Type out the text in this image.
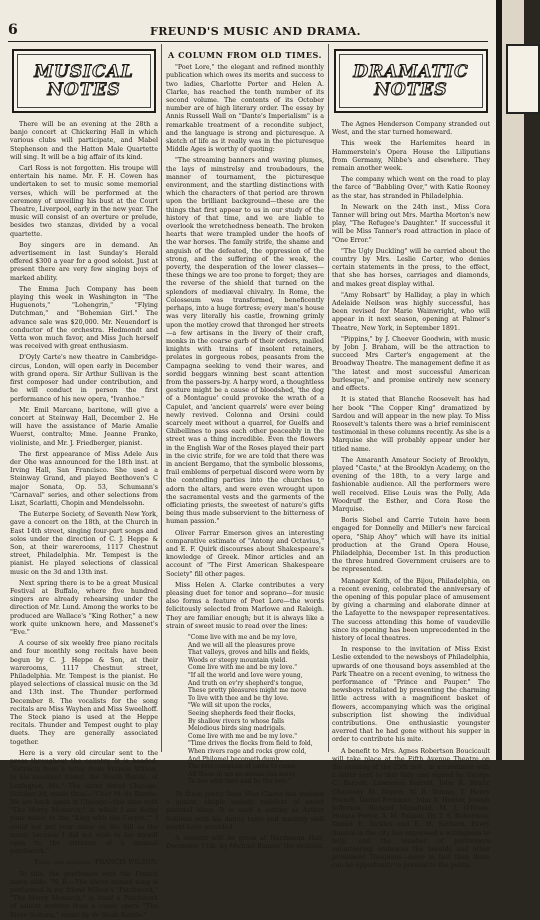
6	FREUND'S MUSIC AND DRAMA.
MUSICAL NOTES

There will be an evening at the 28th a banjo concert at Chickering Hall in which various clubs will participate, and Mabel Stephenson and the Hatton Male Quartette will sing. It will be a big affair of its kind.

Carl Ross is not forgotten. His troupe will entertain his name. Mr. F. H. Cowen has undertaken to set to music some memorial verses, which will be performed at the ceremony of unveiling his bust at the Court Theatre, Liverpool, early in the new year. The music will consist of an overture or prelude, besides two stanzas, divided by a vocal quartette.

Boy singers are in demand. An advertisement in last Sunday's Herald offered $300 a year for a good soloist. Just at present there are very few singing boys of marked ability.

The Emma Juch Company has been playing this week in Washington in "The Huguenots," "Lohengrin," "Flying Dutchman," and "Bohemian Girl." The advance sale was $20,000. Mr. Neuendorf is conductor of the orchestra. Hedmondt and Vetta won much favor, and Miss Juch herself was received with great enthusiasm.

D'Oyly Carte's new theatre in Cambridge-circus, London, will open early in December with grand opera. Sir Arthur Sullivan is the first composer had under contribution, and he will conduct in person the first performance of his new opera, "Ivanhoe."

Mr. Emil Marcano, baritone, will give a concert at Steinway Hall, December 2. He will have the assistance of Marie Amalie Wuerst, contralto; Mme. Jeanne Franko, violiniste, and Mr. J. Friedberger, pianist.

The first appearance of Miss Adele Aus der Ohe was announced for the 18th inst. at Irving Hall, San Francisco. She used a Steinway Grand, and played Beethoven's C major Sonata, Op. 53, Schumann's "Carnaval" series, and other selections from Liszt, Scarlatti, Chopin and Mendelssohn.

The Euterpe Society, of Seventh New York, gave a concert on the 18th, at the Church in East 14th street, singing four-part songs and solos under the direction of C. J. Heppe & Son, at their warerooms, 1117 Chestnut street, Philadelphia. Mr. Tempest is the pianist. He played selections of classical music on the 3d and 13th inst.

Next spring there is to be a great Musical Festival at Buffalo, where five hundred singers are already rehearsing under the direction of Mr. Lund. Among the works to be produced are Wallace's "King Rother," a new work quite unknown here, and Massenet's "Eve."

A course of six weekly free piano recitals and four monthly song recitals have been begun by C. J. Heppe & Son, at their warerooms, 1117 Chestnut street, Philadelphia. Mr. Tempest is the pianist. He played selections of classical music on the 3d and 13th inst. The Thunder performed December 8. The vocalists for the song recitals are Miss Wayhen and Miss Sweelhoff. The Steck piano is used at the Heppe recitals. Thunder and Tempest ought to play duets. They are generally associated together.

Here is a very old circular sent to the press throughout the country. It is headed: "Extracts from a letter from Francis Wilson, to his excellent friend, the South Baride, of Lexington, Me." The letter dated Chicago, October 2d, reads thus:—"Cher M. de Baride: We are back again in Chicago—this time with "The Merry Monarch;" in which I am doing your music to the "King with the Carpet."" I could not put your name on the bill as the music because I did not wish to lay myself open to the criticism of a musical patchwork."

Yours very sincerely, FRANCIS WILSON.

To this, the gentlemen with the French name adds: "N. B.—The above named song is performed in my friend Wilson's "Patchwork," "The Merry Monarch," is itself a Patchwork of salient motives from a comic opera "The Slave Sultana," music by de Souit-Baride."

A COLUMN FROM OLD TIMES.

"Poet Lore," the elegant and refined monthly publication which owes its merits and success to two ladies, Charlotte Porter and Helen A. Clarke, has reached the tenth number of its second volume. The contents of its October number are of high literary order. The essay by Annis Russell Wall on "Dante's Imperialism" is a remarkable treatment of a recondite subject, and the language is strong and picturesque. A sketch of life as it really was in the picturesque Middle Ages is worthy of quoting:

"The streaming banners and waving plumes, the lays of minstrelsy and troubadours, the manner of tournament, the picturesque environment, and the startling distinctions with which the characters of that period are thrown upon the brilliant background—these are the things that first appear to us in our study of the history of that time, and we are liable to overlook the wretchedness beneath. The broken hearts that were trampled under the hoofs of the war horses. The family strife, the shame and anguish of the defeated, the oppression of the strong, and the suffering of the weak, the poverty, the desperation of the lower classes—these things we are too prone to forget; they are the reverse of the shield that turned on the splendors of mediæval chivalry. In Rome, the Colosseum was transformed, beneficently perhaps, into a huge fortress; every man's house was very literally his castle, frowning grimly upon the motley crowd that thronged her streets—a few artisans in the livery of their craft, monks in the coarse garb of their orders, mailed knights with trains of insolent retainers, prelates in gorgeous robes, peasants from the Campagna seeking to vend their wares, and sordid beggars winning best scant attention from the passers-by. A harpy word, a thoughtless gesture might be a cause of bloodshed, 'the dog of a Montague' could provoke the wrath of a Capulet, and 'ancient quarrels' were ever being newly revived. Colonna and Orsini could scarcely meet without a quarrel, for Guelfs and Ghibellines to pass each other peaceably in the street was a thing incredible. Even the flowers in the English War of the Roses played their part in the civic strife, for we are told that there was in ancient Bergamo, that the symbolic blossoms, frail emblems of perpetual discord were worn by the contending parties into the churches to adorn the altars, and were even wrought upon the sacramental vests and the garments of the officiating priests, the sweetest of nature's gifts being thus made subservient to the bitterness of human passion."

Oliver Farrar Emerson gives an interesting comparative estimate of "Antony and Octavius," and E. F. Quirk discourses about Shakespeare's knowledge of Greek. Minor articles and an account of "The First American Shakespeare Society" fill other pages.

Miss Helen A. Clarke contributes a very pleasing duet for tenor and soprano—for music also forms a feature of Poet Lore—the words felicitously selected from Marlowe and Raleigh. They are familiar enough; but it is always like a strain of sweet music to read over the lines:

"Come live with me and be my love,
And we will all the pleasures prove
That valleys, groves and hills and fields,
Woods or steepy mountain yield.
Come live with me and be my love."
"If all the world and love were young,
And truth on ev'ry shepherd's tongue,
These pretty pleasures might me move
To live with thee and be thy love.
"We will sit upon the rocks,
Seeing shepherds feed their flocks,
By shallow rivers to whose falls
Melodious birds sing madrigals.
Come live with me and be my love."
"Time drives the flocks from field to fold,
When rivers rage and rocks grow cold,
And Philomel becometh dumb,
The rest complain of cares to come.
All these in me no means can move,
To live with thee and be thy love."

To these pretty lines Miss Clarke has wedded a quaint, simple melody redolent of sweet pastoral ideas. It is such a setting as Arthur Sullivan with his dainty taste and mastery skill might have provided.

A concert will be given at Hardmann Hall, December 11th, by Michael Banner, the violinist.

DRAMATIC NOTES

The Agnes Henderson Company stranded out West, and the star turned homeward.

This week the Harlemites heard in Hammerstein's Opera House the Liliputians from Germany, Nibbe's and elsewhere. They remain another week.

The company which went on the road to play the farce of "Babbling Over," with Katie Rooney as the star, has stranded in Philadelphia.

In Newark on the 24th inst., Miss Cora Tanner will bring out Mrs. Martha Morton's new play, "The Refugee's Daughter." If successful it will be Miss Tanner's road attraction in place of "One Error."

"The Ugly Duckling" will be carried about the country by Mrs. Leslie Carter, who denies certain statements in the press, to the effect, that she has horses, carriages and diamonds, and makes great display withal.

"Amy Robsart" by Halliday, a play in which Adelaide Neilson was highly successful, has been revised for Marie Wainwright, who will appear in it next season, opening at Palmer's Theatre, New York, in September 1891.

"Pippins," by J. Cheever Goodwin, with music by Jobn J. Braham, will be the attraction to succeed Mrs Carter's engagement at the Broadway Theatre. The management define it as "the latest and most successful American burlesque," and promise entirely new scenery and effects.

It is stated that Blanche Roosevelt has had her book "The Copper King" dramatized by Sardou and will appear in the new play. To Miss Roosevelt's talents there was a brief reminiscent testimonial in these columns recently. As she is a Marquise she will probably appear under her titled name.

The Amaranth Amateur Society of Brooklyn, played "Caste," at the Brooklyn Academy, on the evening of the 18th, to a very large and fashionable audience. All the performers were well received. Elise Louis was the Polly, Ada Woodruff the Esther, and Cora Rose the Marquise.

Boris Siebel and Carrie Tutein have been engaged for Donnelly and Miller's new farcical opera, "Ship Ahoy" which will have its initial production at the Grand Opera House, Philadelphia, December 1st. In this production the three hundred Government cruisers are to be represented.

Manager Keith, of the Bijou, Philadelphia, on a recent evening, celebrated the anniversary of the opening of this popular place of amusement by giving a charming and elaborate dinner at the Lafayette to the newspaper representatives. The success attending this home of vaudeville since its opening has been unprecedented in the history of local theatres.

In response to the invitation of Miss Exist Leslie extended to the newsboys of Philadelphia, upwards of one thousand boys assembled at the Park Theatre on a recent evening, to witness the performance of "Prince and Pauper." The newsboys retaliated by presenting the charming little actress with a magnificent basket of flowers, accompanying which was the original subscription list showing the individual contributions. One enthusiastic youngster averred that he had gone without his supper in order to contribute his mite.

A benefit to Mrs. Agnes Robertson Boucicault will take place at the Fifth Avenue Theatre on the evening of the 25th inst., in accordance with a letter sent to that lady and signed by George C. Barrett, Lawrence Barrett, John R. Brady, Chauncey M. Depew, W. B. Dunne, T. Henry French, Daniel Frohman, John A. Henter, Joseph Jefferson, Richard Mansfield, M. J. O'Brien, Horace Porter, A. M. Palmer, Dr. T. S. Robertson, Daniel E. Sickles and E. H. Sothern. Every theatre in the city has expressed a willingness to help, and the number of performers volunteering embraces the heralds and other prominent Thespians—more in fact than there can be opportunity to present to the public.
